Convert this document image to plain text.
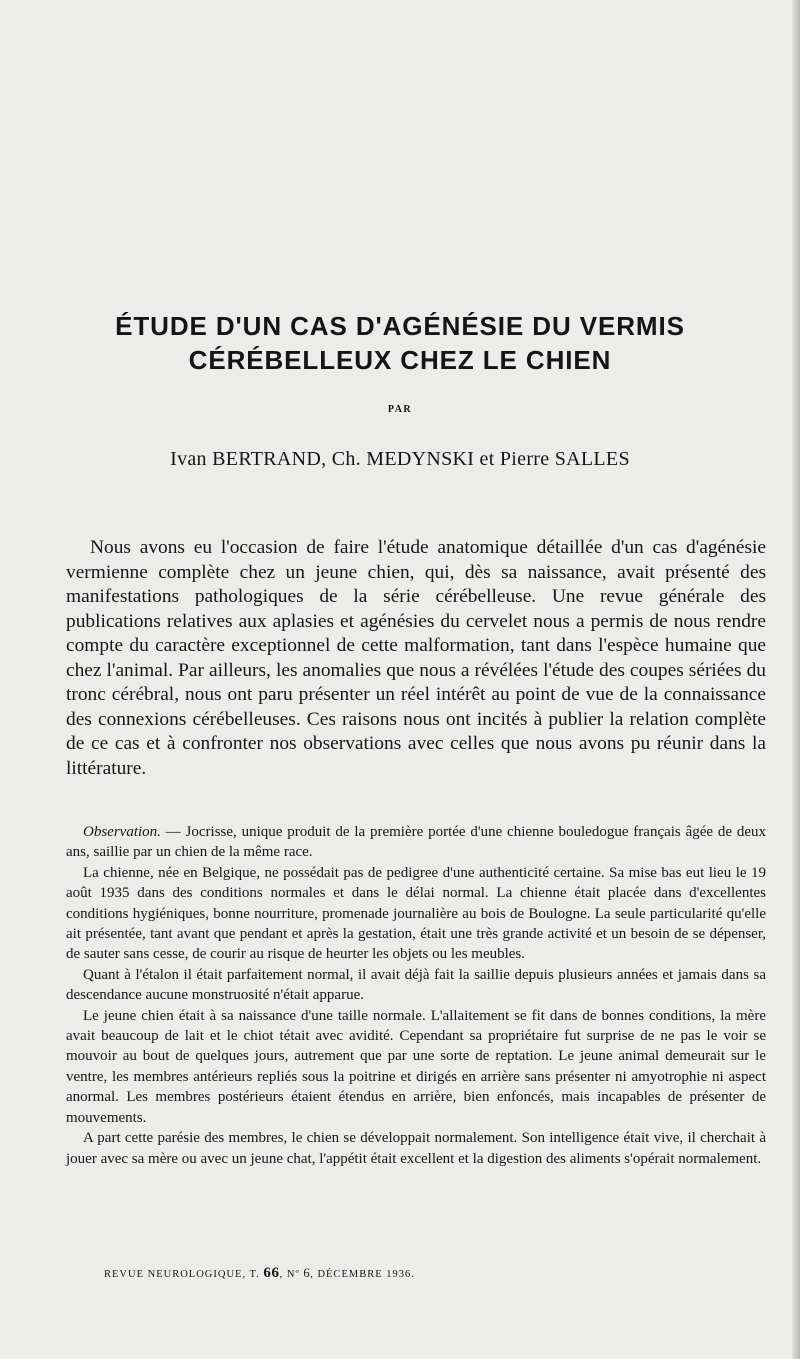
ÉTUDE D'UN CAS D'AGÉNÉSIE DU VERMIS
CÉRÉBELLEUX CHEZ LE CHIEN
PAR
Ivan BERTRAND, Ch. MEDYNSKI et Pierre SALLES

Nous avons eu l'occasion de faire l'étude anatomique détaillée d'un cas d'agénésie vermienne complète chez un jeune chien, qui, dès sa naissance, avait présenté des manifestations pathologiques de la série cérébelleuse. Une revue générale des publications relatives aux aplasies et agénésies du cervelet nous a permis de nous rendre compte du caractère exceptionnel de cette malformation, tant dans l'espèce humaine que chez l'animal. Par ailleurs, les anomalies que nous a révélées l'étude des coupes sériées du tronc cérébral, nous ont paru présenter un réel intérêt au point de vue de la connaissance des connexions cérébelleuses. Ces raisons nous ont incités à publier la relation complète de ce cas et à confronter nos observations avec celles que nous avons pu réunir dans la littérature.

Observation. — Jocrisse, unique produit de la première portée d'une chienne bouledogue français âgée de deux ans, saillie par un chien de la même race.

La chienne, née en Belgique, ne possédait pas de pedigree d'une authenticité certaine. Sa mise bas eut lieu le 19 août 1935 dans des conditions normales et dans le délai normal. La chienne était placée dans d'excellentes conditions hygiéniques, bonne nourriture, promenade journalière au bois de Boulogne. La seule particularité qu'elle ait présentée, tant avant que pendant et après la gestation, était une très grande activité et un besoin de se dépenser, de sauter sans cesse, de courir au risque de heurter les objets ou les meubles.

Quant à l'étalon il était parfaitement normal, il avait déjà fait la saillie depuis plusieurs années et jamais dans sa descendance aucune monstruosité n'était apparue.

Le jeune chien était à sa naissance d'une taille normale. L'allaitement se fit dans de bonnes conditions, la mère avait beaucoup de lait et le chiot tétait avec avidité. Cependant sa propriétaire fut surprise de ne pas le voir se mouvoir au bout de quelques jours, autrement que par une sorte de reptation. Le jeune animal demeurait sur le ventre, les membres antérieurs repliés sous la poitrine et dirigés en arrière sans présenter ni amyotrophie ni aspect anormal. Les membres postérieurs étaient étendus en arrière, bien enfoncés, mais incapables de présenter de mouvements.

A part cette parésie des membres, le chien se développait normalement. Son intelligence était vive, il cherchait à jouer avec sa mère ou avec un jeune chat, l'appétit était excellent et la digestion des aliments s'opérait normalement.

REVUE NEUROLOGIQUE, T. 66, Nº 6, DÉCEMBRE 1936.
